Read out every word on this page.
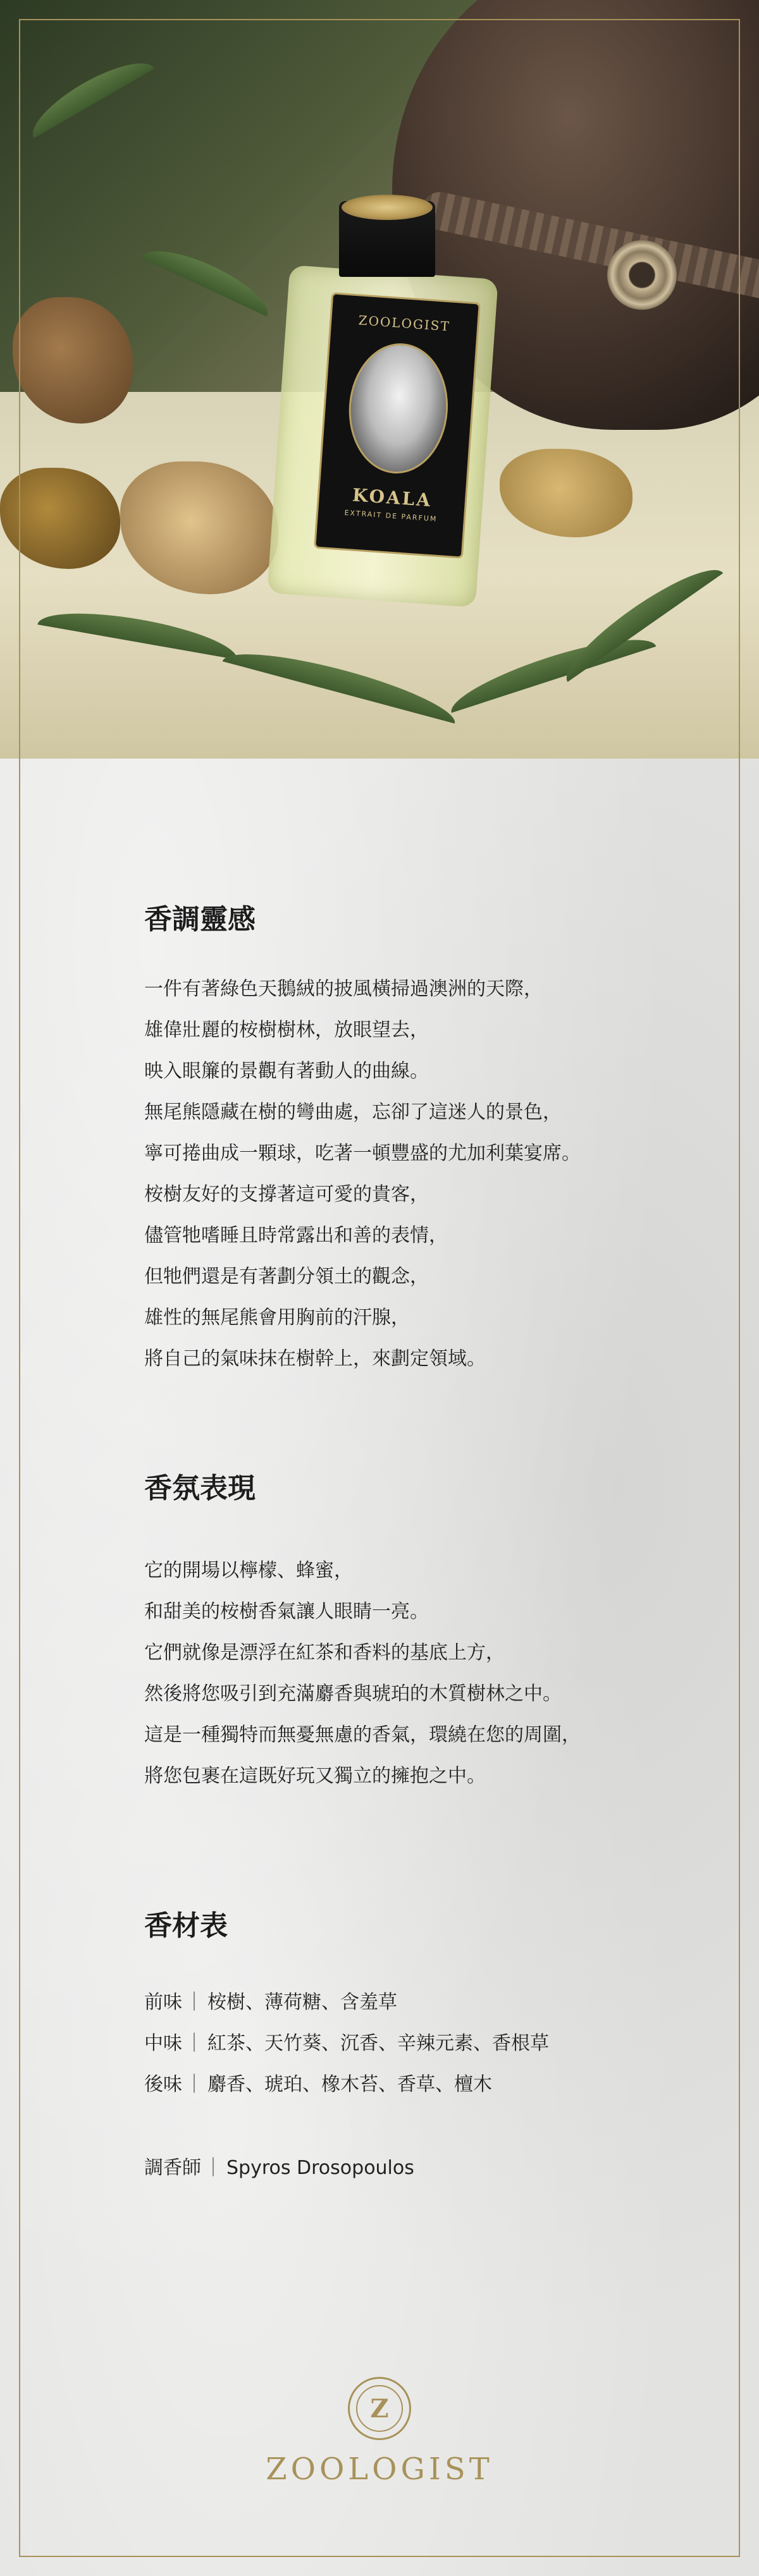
ZOOLOGIST
KOALA
EXTRAIT DE PARFUM
香調靈感
一件有著綠色天鵝絨的披風橫掃過澳洲的天際，
雄偉壯麗的桉樹樹林，放眼望去，
映入眼簾的景觀有著動人的曲線。
無尾熊隱藏在樹的彎曲處，忘卻了這迷人的景色，
寧可捲曲成一顆球，吃著一頓豐盛的尤加利葉宴席。
桉樹友好的支撐著這可愛的貴客，
儘管牠嗜睡且時常露出和善的表情，
但牠們還是有著劃分領土的觀念，
雄性的無尾熊會用胸前的汗腺，
將自己的氣味抹在樹幹上，來劃定領域。
香氛表現
它的開場以檸檬、蜂蜜，
和甜美的桉樹香氣讓人眼睛一亮。
它們就像是漂浮在紅茶和香料的基底上方，
然後將您吸引到充滿麝香與琥珀的木質樹林之中。
這是一種獨特而無憂無慮的香氣，環繞在您的周圍，
將您包裹在這既好玩又獨立的擁抱之中。
香材表
前味 ｜ 桉樹、薄荷糖、含羞草
中味 ｜ 紅茶、天竹葵、沉香、辛辣元素、香根草
後味 ｜ 麝香、琥珀、橡木苔、香草、檀木
調香師 ｜ Spyros Drosopoulos
Z
ZOOLOGIST
